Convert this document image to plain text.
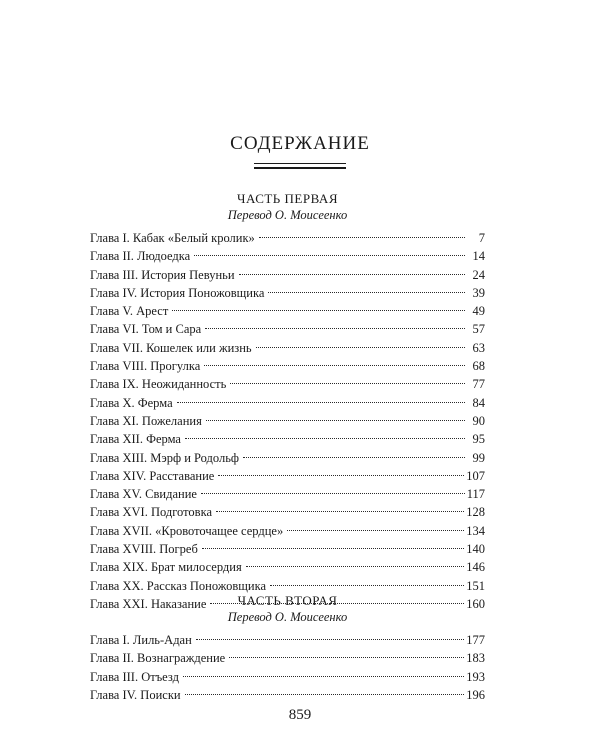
СОДЕРЖАНИЕ
ЧАСТЬ ПЕРВАЯ
Перевод О. Моисеенко
Глава I. Кабак «Белый кролик»	7
Глава II. Людоедка	14
Глава III. История Певуньи	24
Глава IV. История Поножовщика	39
Глава V. Арест	49
Глава VI. Том и Сара	57
Глава VII. Кошелек или жизнь	63
Глава VIII. Прогулка	68
Глава IX. Неожиданность	77
Глава X. Ферма	84
Глава XI. Пожелания	90
Глава XII. Ферма	95
Глава XIII. Мэрф и Родольф	99
Глава XIV. Расставание	107
Глава XV. Свидание	117
Глава XVI. Подготовка	128
Глава XVII. «Кровоточащее сердце»	134
Глава XVIII. Погреб	140
Глава XIX. Брат милосердия	146
Глава XX. Рассказ Поножовщика	151
Глава XXI. Наказание	160
ЧАСТЬ ВТОРАЯ
Перевод О. Моисеенко
Глава I. Лиль-Адан	177
Глава II. Вознаграждение	183
Глава III. Отъезд	193
Глава IV. Поиски	196
859
